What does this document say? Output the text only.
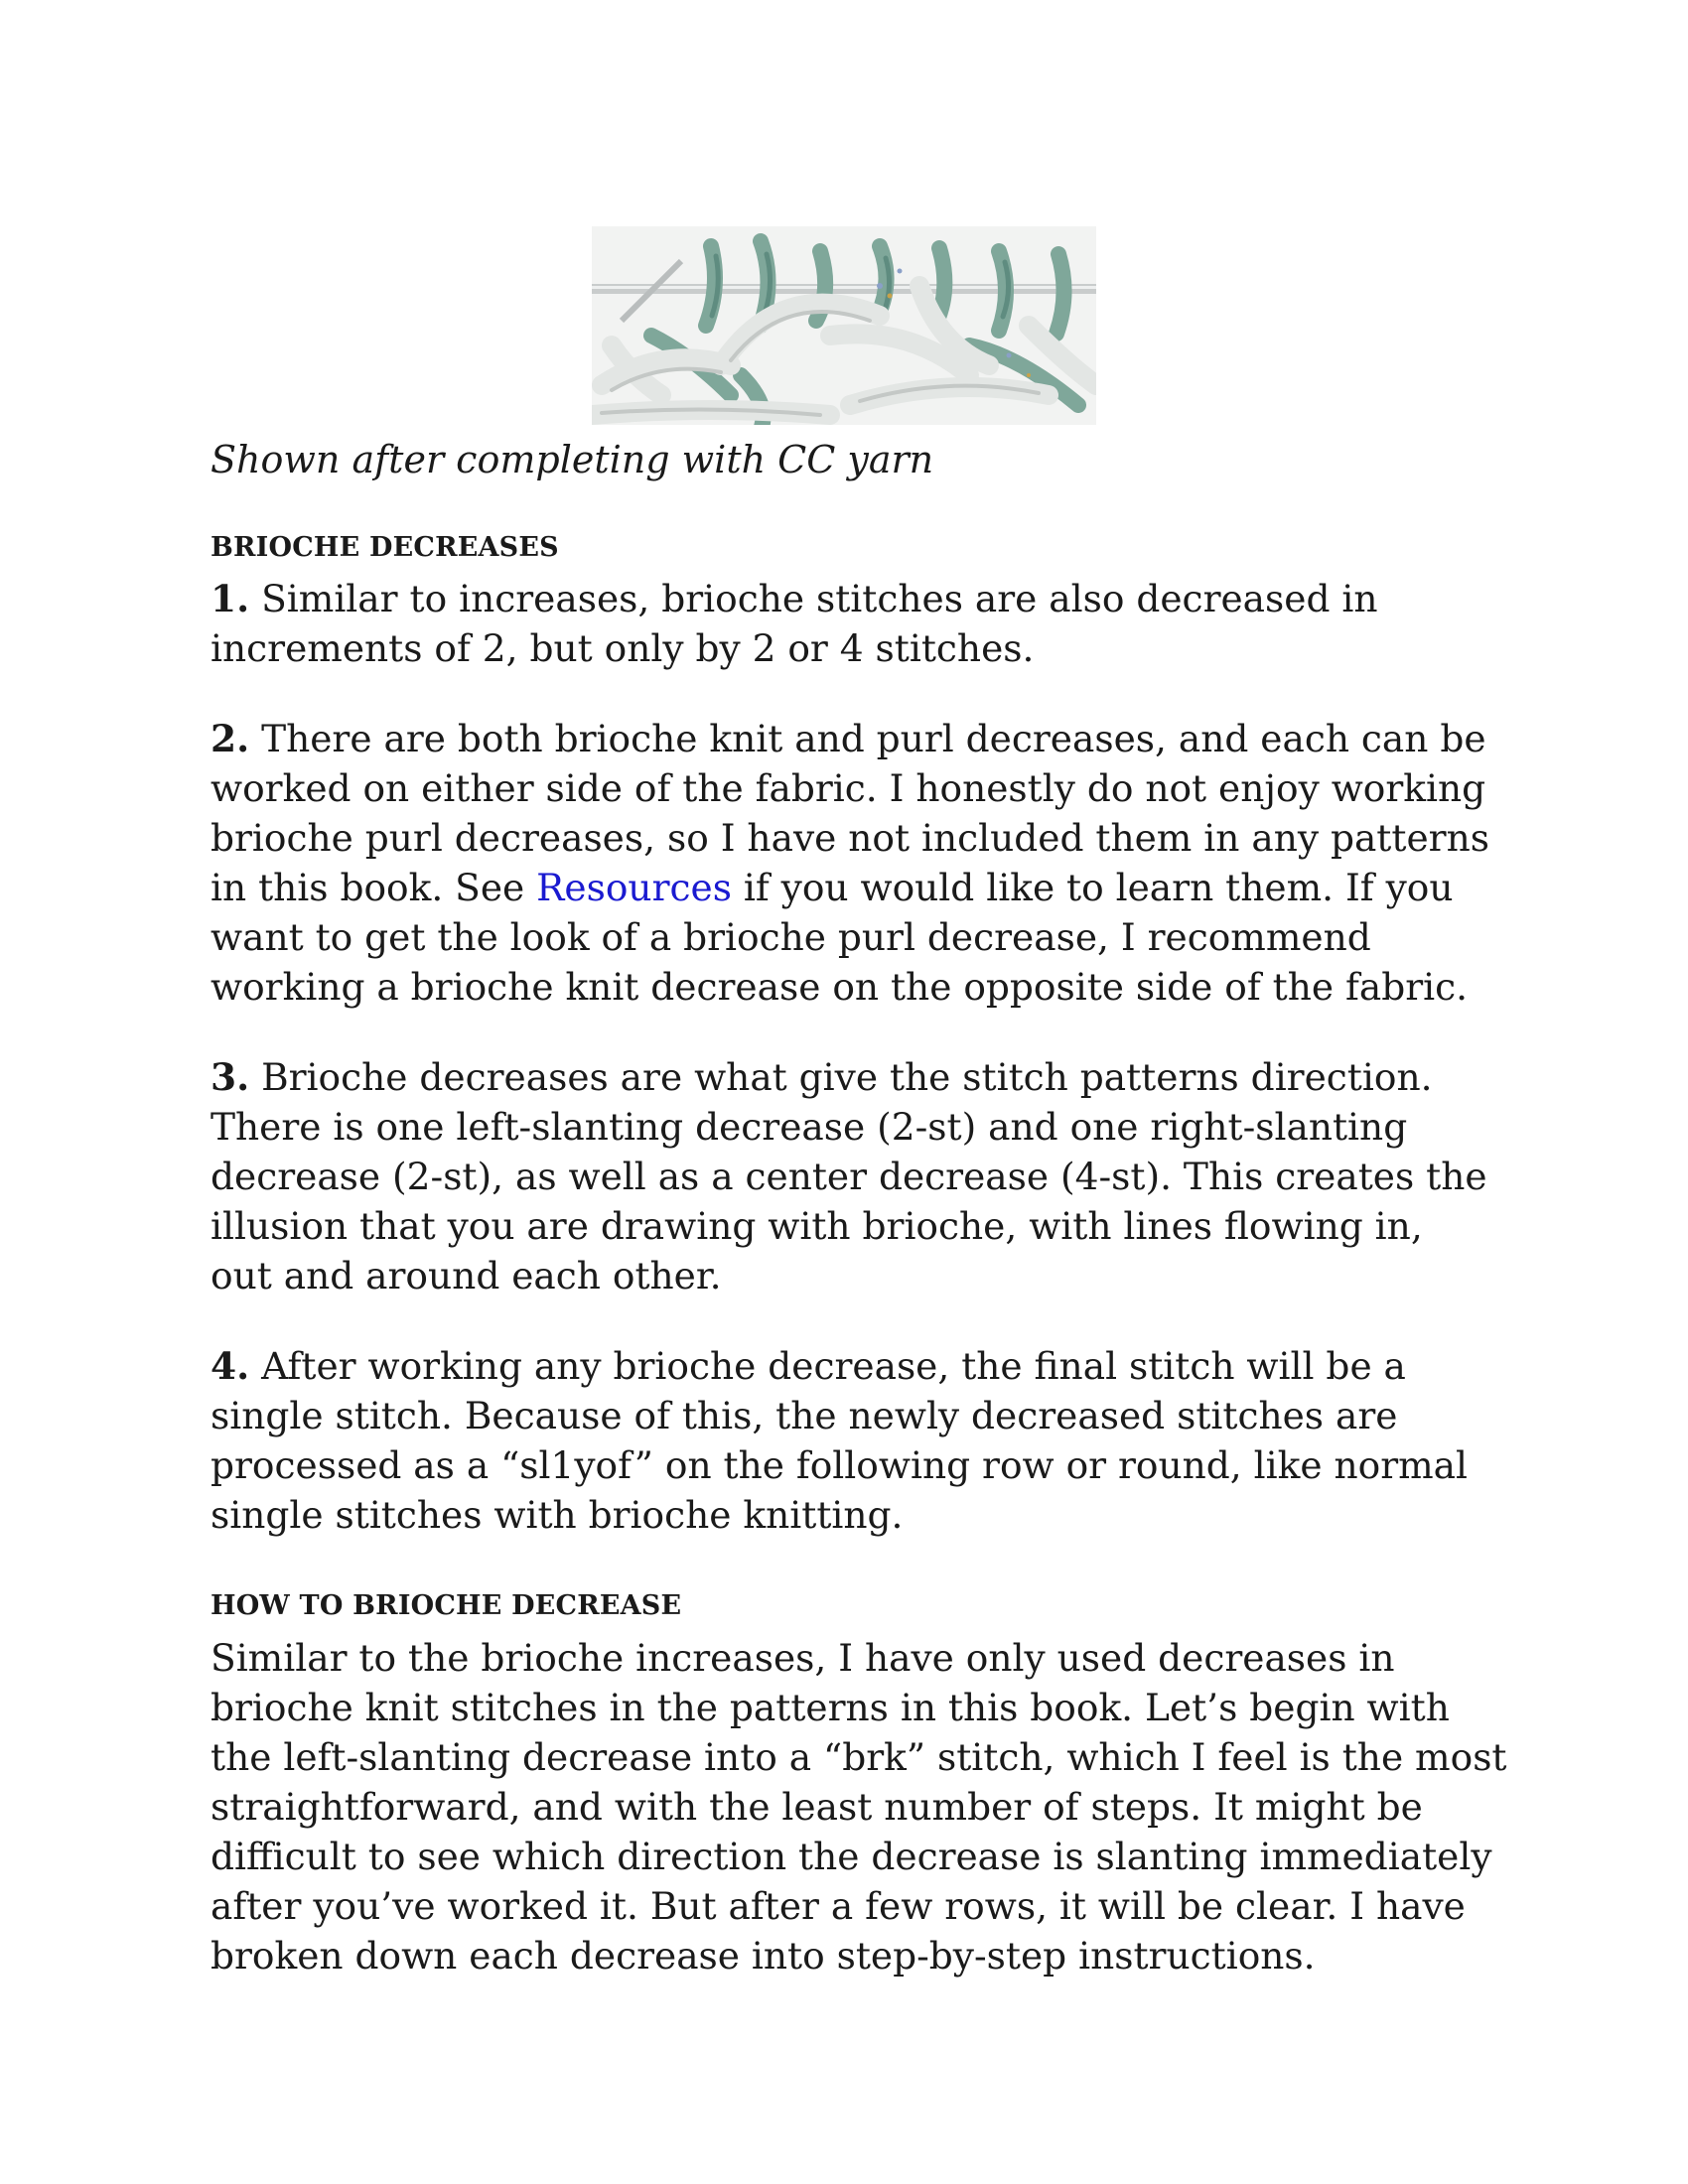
Shown after completing with CC yarn
BRIOCHE DECREASES

1. Similar to increases, brioche stitches are also decreased in
increments of 2, but only by 2 or 4 stitches.

2. There are both brioche knit and purl decreases, and each can be
worked on either side of the fabric. I honestly do not enjoy working
brioche purl decreases, so I have not included them in any patterns
in this book. See Resources if you would like to learn them. If you
want to get the look of a brioche purl decrease, I recommend
working a brioche knit decrease on the opposite side of the fabric.

3. Brioche decreases are what give the stitch patterns direction.
There is one left-slanting decrease (2-st) and one right-slanting
decrease (2-st), as well as a center decrease (4-st). This creates the
illusion that you are drawing with brioche, with lines flowing in,
out and around each other.

4. After working any brioche decrease, the final stitch will be a
single stitch. Because of this, the newly decreased stitches are
processed as a “sl1yof” on the following row or round, like normal
single stitches with brioche knitting.

HOW TO BRIOCHE DECREASE

Similar to the brioche increases, I have only used decreases in
brioche knit stitches in the patterns in this book. Let’s begin with
the left-slanting decrease into a “brk” stitch, which I feel is the most
straightforward, and with the least number of steps. It might be
difficult to see which direction the decrease is slanting immediately
after you’ve worked it. But after a few rows, it will be clear. I have
broken down each decrease into step-by-step instructions.
